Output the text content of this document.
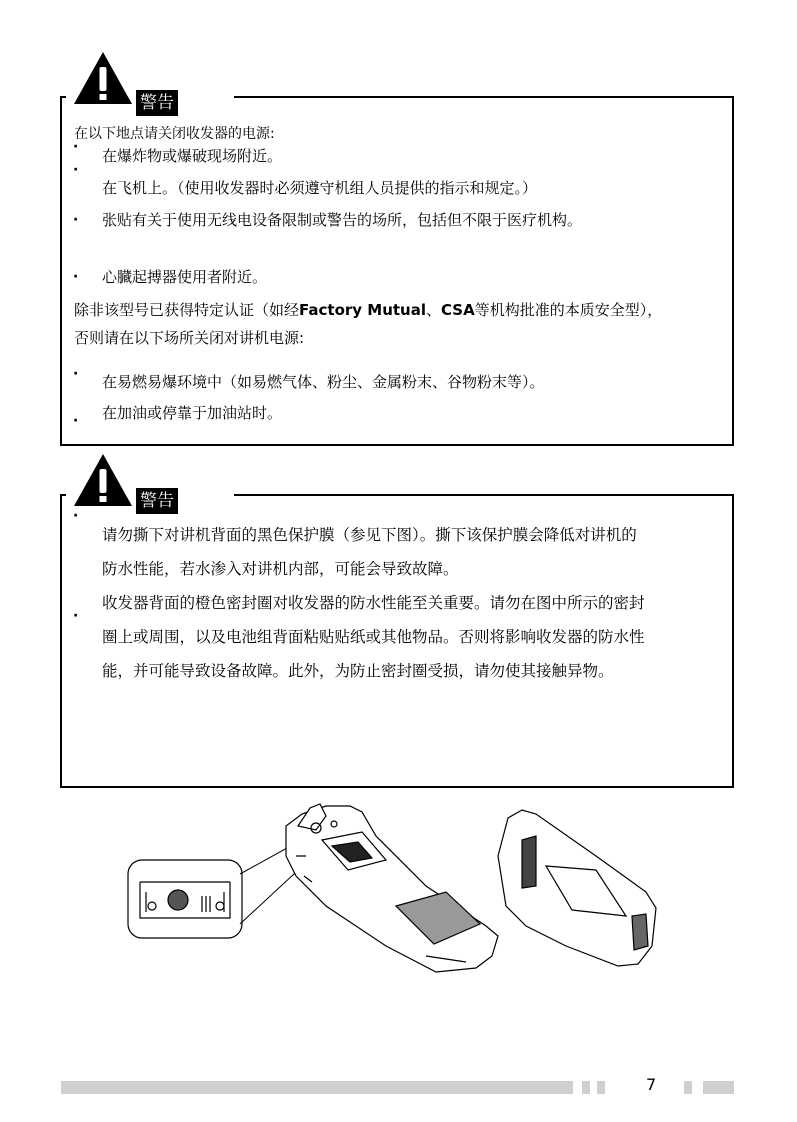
警告
在以下地点请关闭收发器的电源:
· 在爆炸物或爆破现场附近。
·
在飞机上。（使用收发器时必须遵守机组人员提供的指示和规定。）
· 张贴有关于使用无线电设备限制或警告的场所，包括但不限于医疗机构。
· 心臓起搏器使用者附近。
除非该型号已获得特定认证（如经Factory Mutual、CSA等机构批准的本质安全型），
否则请在以下场所关闭对讲机电源:
· 在易燃易爆环境中（如易燃气体、粉尘、金属粉末、谷物粉末等）。
在加油或停靠于加油站时。
·
警告
·
请勿撕下对讲机背面的黑色保护膜（参见下图）。撕下该保护膜会降低对讲机的
防水性能，若水渗入对讲机内部，可能会导致故障。
·
收发器背面的橙色密封圈对收发器的防水性能至关重要。请勿在图中所示的密封
圈上或周围，以及电池组背面粘贴贴纸或其他物品。否则将影响收发器的防水性
能，并可能导致设备故障。此外，为防止密封圈受损，请勿使其接触异物。
7
